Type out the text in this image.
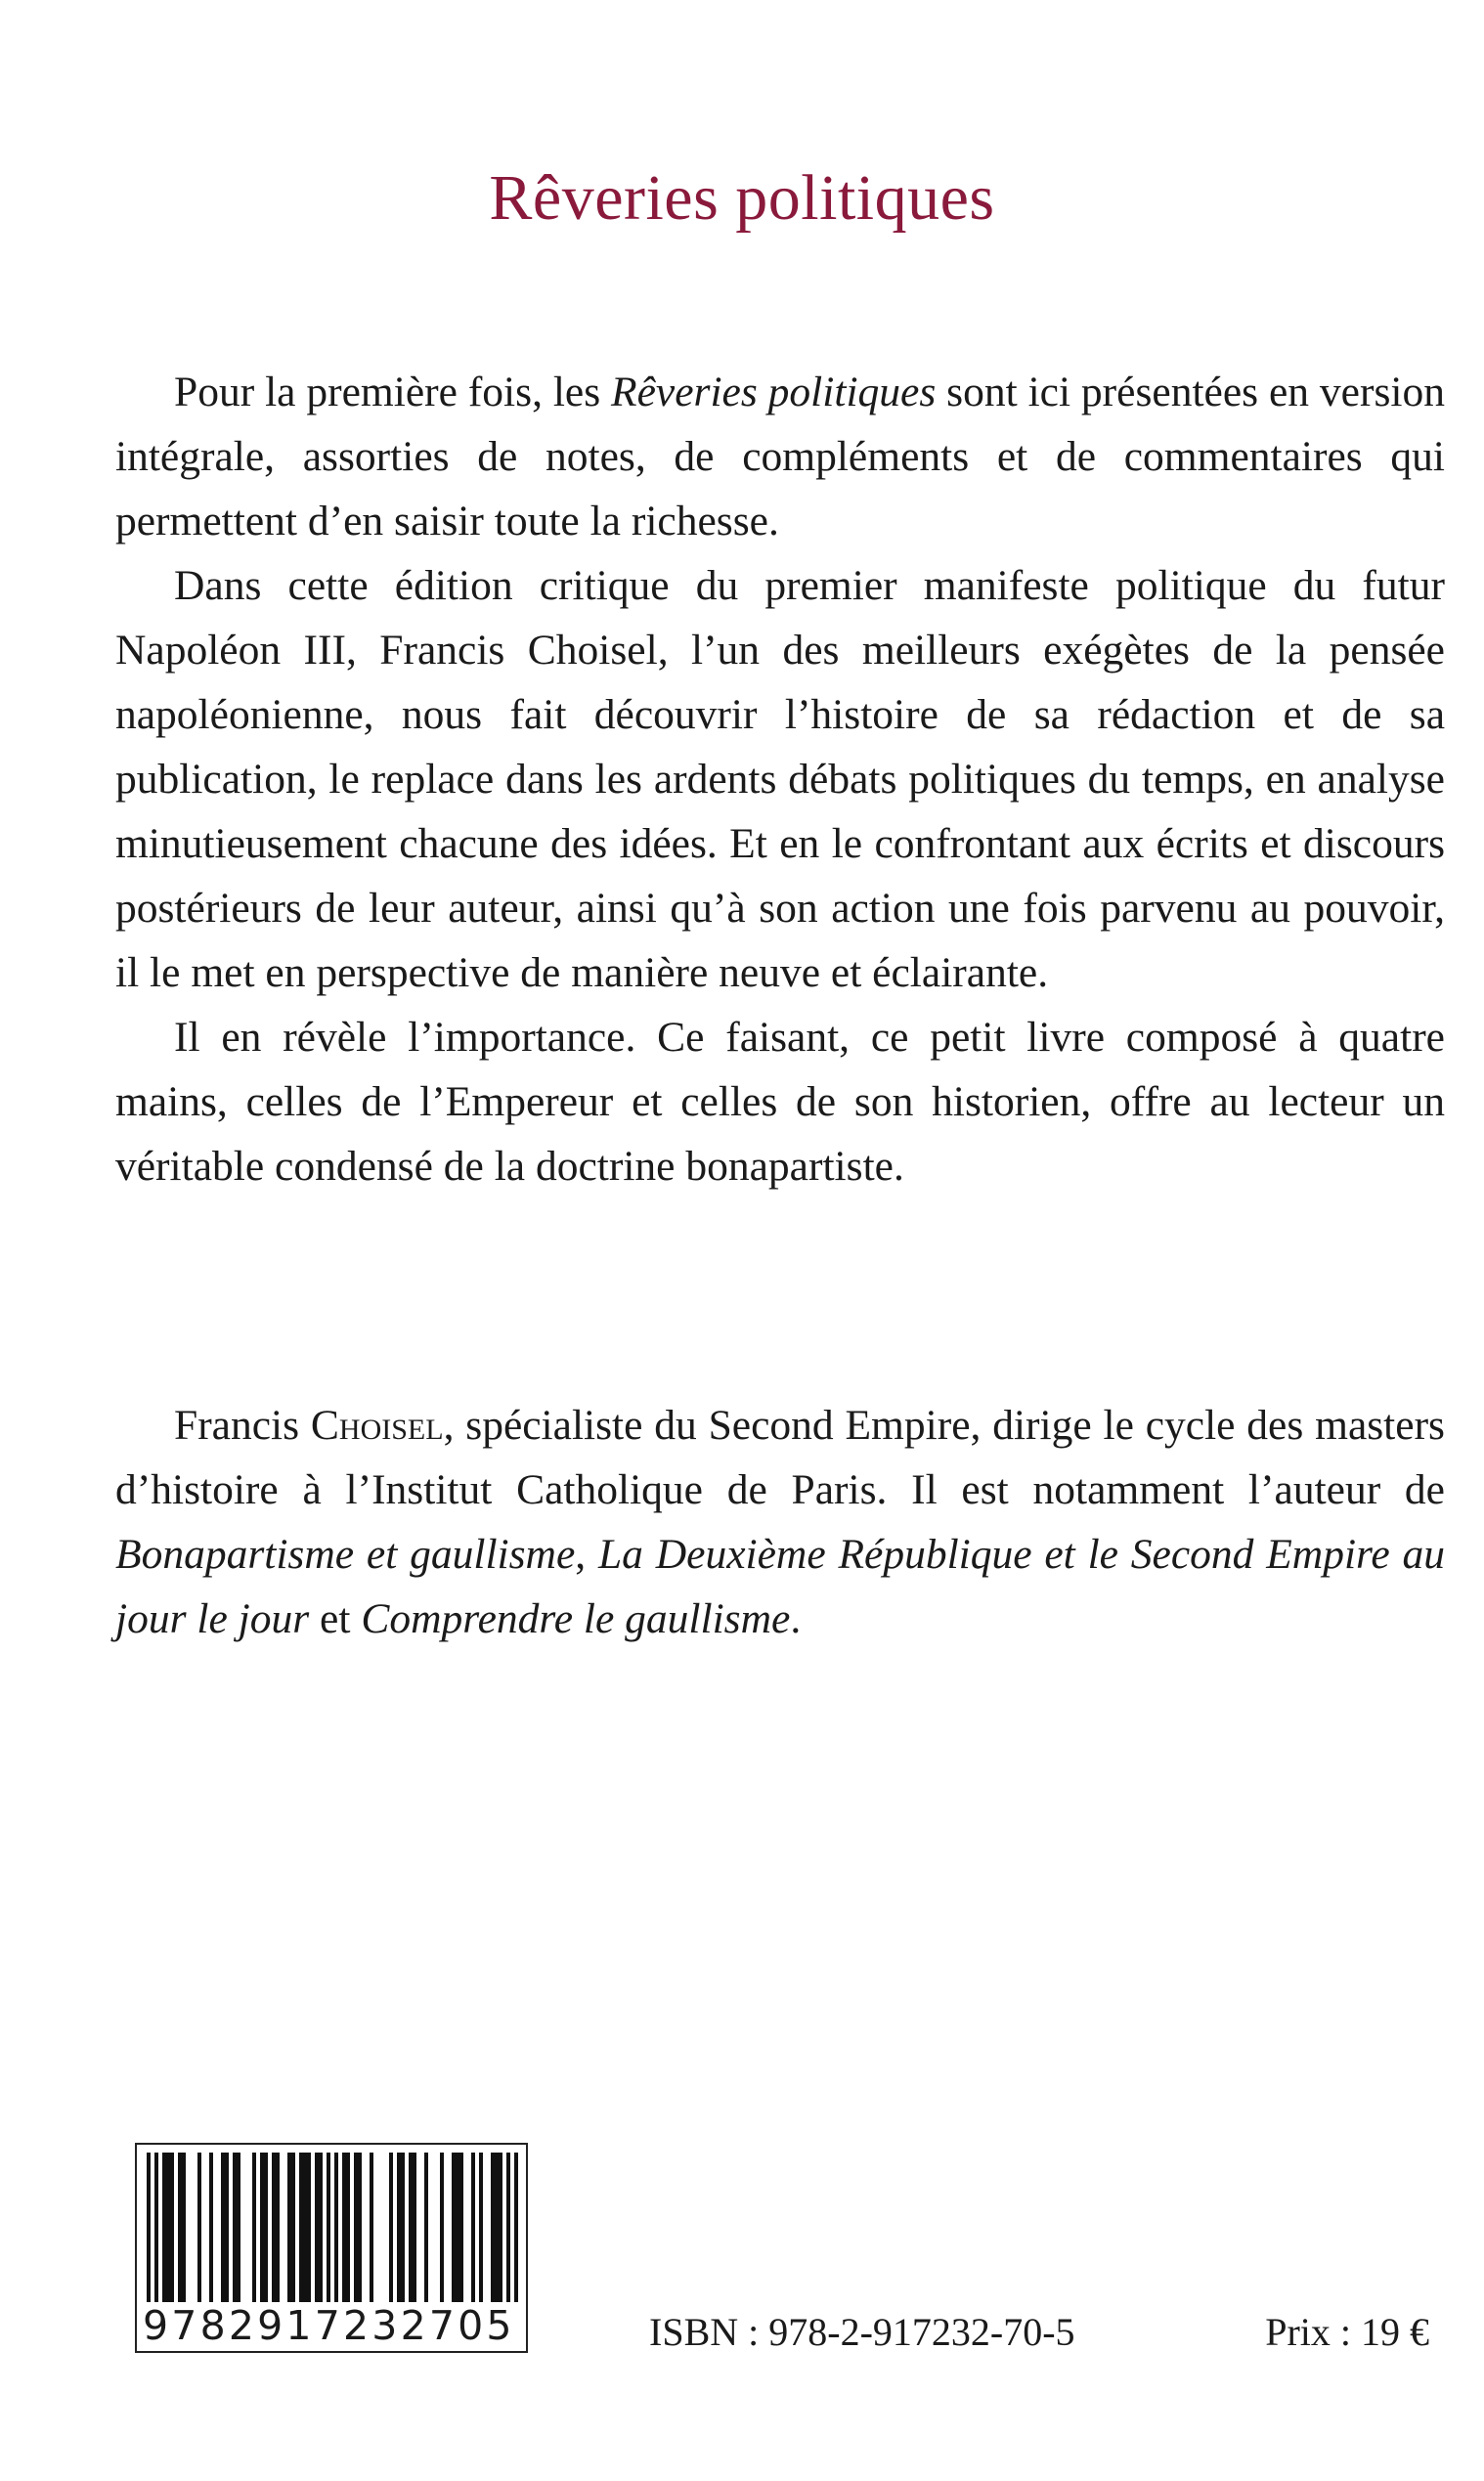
Rêveries politiques

Pour la première fois, les Rêveries politiques sont ici présentées en version intégrale, assorties de notes, de compléments et de commentaires qui permettent d’en saisir toute la richesse.

Dans cette édition critique du premier manifeste politique du futur Napoléon III, Francis Choisel, l’un des meilleurs exégètes de la pensée napoléonienne, nous fait découvrir l’histoire de sa rédaction et de sa publication, le replace dans les ardents débats politiques du temps, en analyse minutieusement chacune des idées. Et en le confrontant aux écrits et discours postérieurs de leur auteur, ainsi qu’à son action une fois parvenu au pouvoir, il le met en perspective de manière neuve et éclairante.

Il en révèle l’importance. Ce faisant, ce petit livre composé à quatre mains, celles de l’Empereur et celles de son historien, offre au lecteur un véritable condensé de la doctrine bonapartiste.

Francis Choisel, spécialiste du Second Empire, dirige le cycle des masters d’histoire à l’Institut Catholique de Paris. Il est notamment l’auteur de Bonapartisme et gaullisme, La Deuxième République et le Second Empire au jour le jour et Comprendre le gaullisme.

9782917232705	ISBN : 978-2-917232-70-5	Prix : 19 €
